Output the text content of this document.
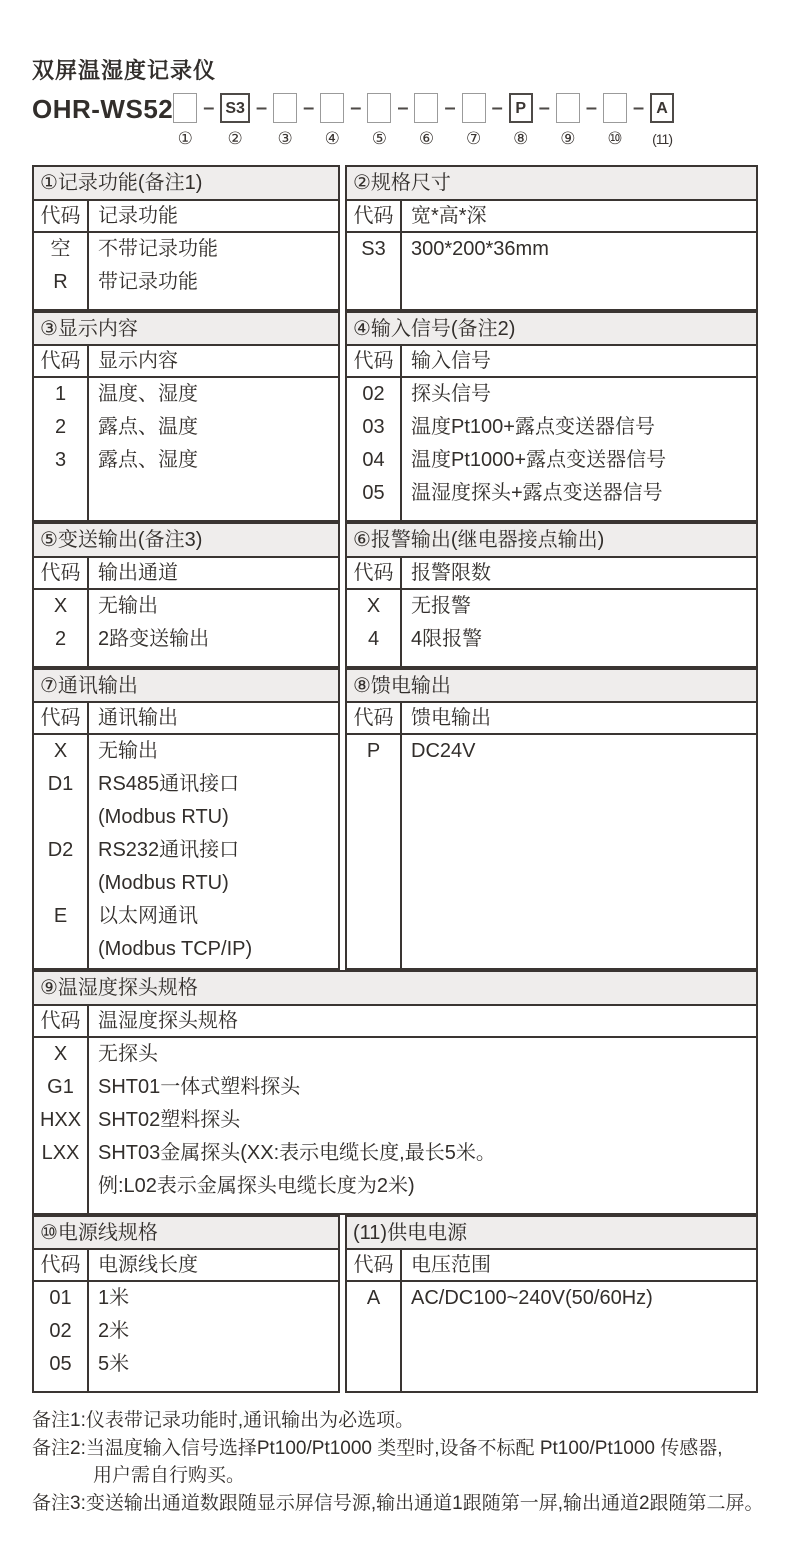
双屏温湿度记录仪
OHR-WS52
①
– S3
②
–
③
–
④
–
⑤
–
⑥
–
⑦
– P
⑧
–
⑨
–
⑩
– A
(11)
①记录功能(备注1)
代码
空
R
记录功能
不带记录功能
带记录功能
②规格尺寸
代码
S3
宽*高*深
300*200*36mm
③显示内容
代码
1
2
3
显示内容
温度、湿度
露点、温度
露点、湿度
④输入信号(备注2)
代码
02
03
04
05
输入信号
探头信号
温度Pt100+露点变送器信号
温度Pt1000+露点变送器信号
温湿度探头+露点变送器信号
⑤变送输出(备注3)
代码
X
2
输出通道
无输出
2路变送输出
⑥报警输出(继电器接点输出)
代码
X
4
报警限数
无报警
4限报警
⑦通讯输出
代码
X
D1
D2
E
通讯输出
无输出
RS485通讯接口
(Modbus RTU)
RS232通讯接口
(Modbus RTU)
以太网通讯
(Modbus TCP/IP)
⑧馈电输出
代码
P
馈电输出
DC24V
⑨温湿度探头规格
代码
X
G1
HXX
LXX
温湿度探头规格
无探头
SHT01一体式塑料探头
SHT02塑料探头
SHT03金属探头(XX:表示电缆长度,最长5米。
例:L02表示金属探头电缆长度为2米)
⑩电源线规格
代码
01
02
05
电源线长度
1米
2米
5米
(11)供电电源
代码
A
电压范围
AC/DC100~240V(50/60Hz)
备注1:仪表带记录功能时,通讯输出为必选项。
备注2:当温度输入信号选择Pt100/Pt1000 类型时,设备不标配 Pt100/Pt1000 传感器,
用户需自行购买。
备注3:变送输出通道数跟随显示屏信号源,输出通道1跟随第一屏,输出通道2跟随第二屏。
